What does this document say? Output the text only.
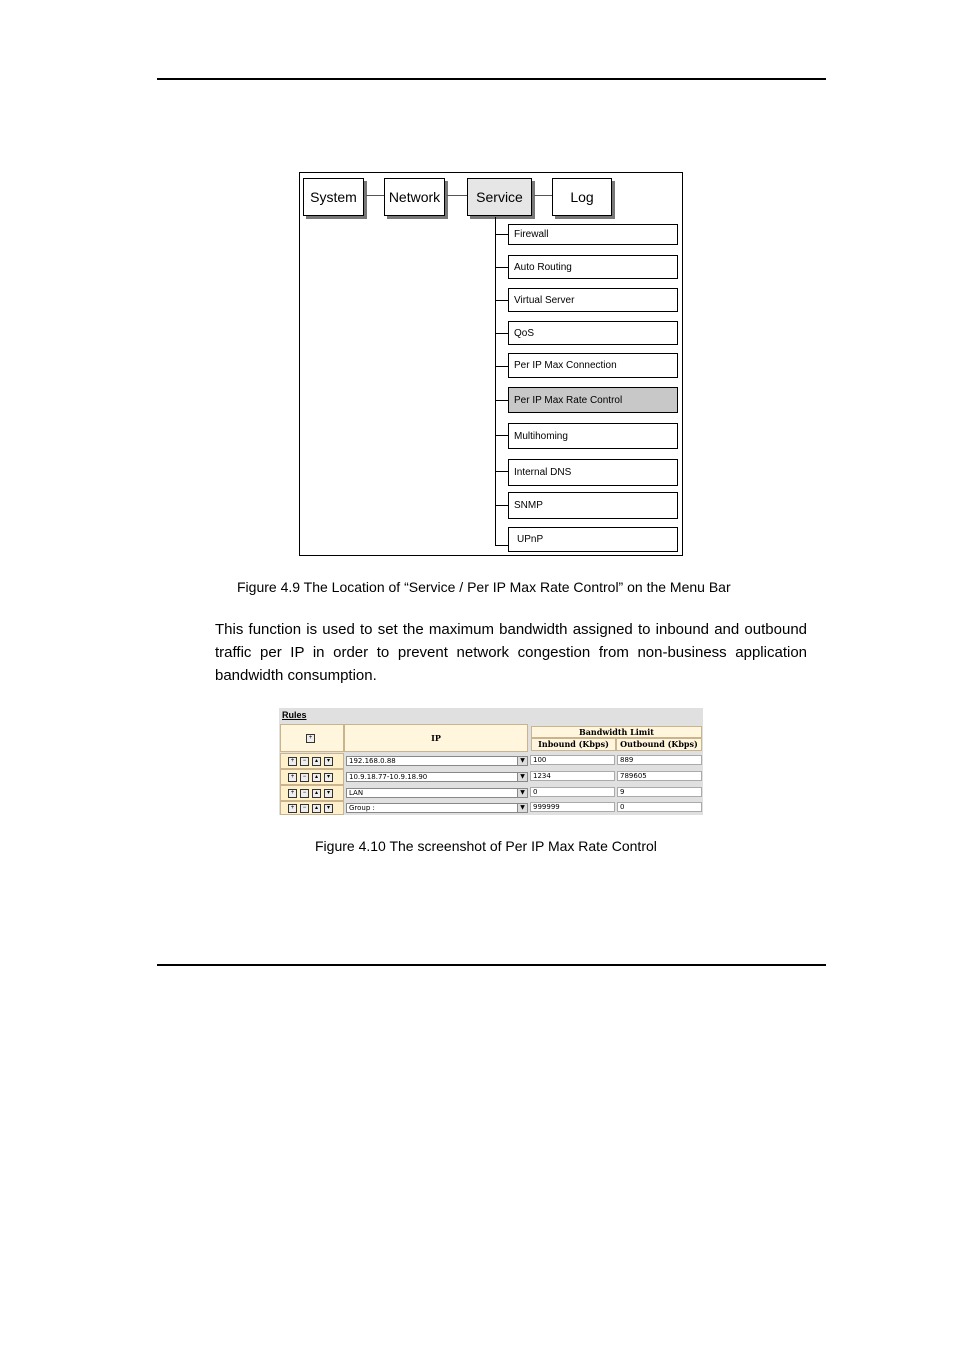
System	Network	Service	Log
Firewall
Auto Routing
Virtual Server
QoS
Per IP Max Connection
Per IP Max Rate Control
Multihoming
Internal DNS
SNMP
UPnP
Figure 4.9 The Location of “Service / Per IP Max Rate Control” on the Menu Bar
This function is used to set the maximum bandwidth assigned to inbound and outbound traffic per IP in order to prevent network congestion from non-business application bandwidth consumption.
Rules
+	IP
Bandwidth Limit
Inbound (Kbps)	Outbound (Kbps)
+	−	▴	▾	192.168.0.88	▼	100	889
+	−	▴	▾	10.9.18.77-10.9.18.90	▼	1234	789605
+	−	▴	▾	LAN	▼	0	9
+	−	▴	▾	Group :	▼	999999	0
Figure 4.10 The screenshot of Per IP Max Rate Control
